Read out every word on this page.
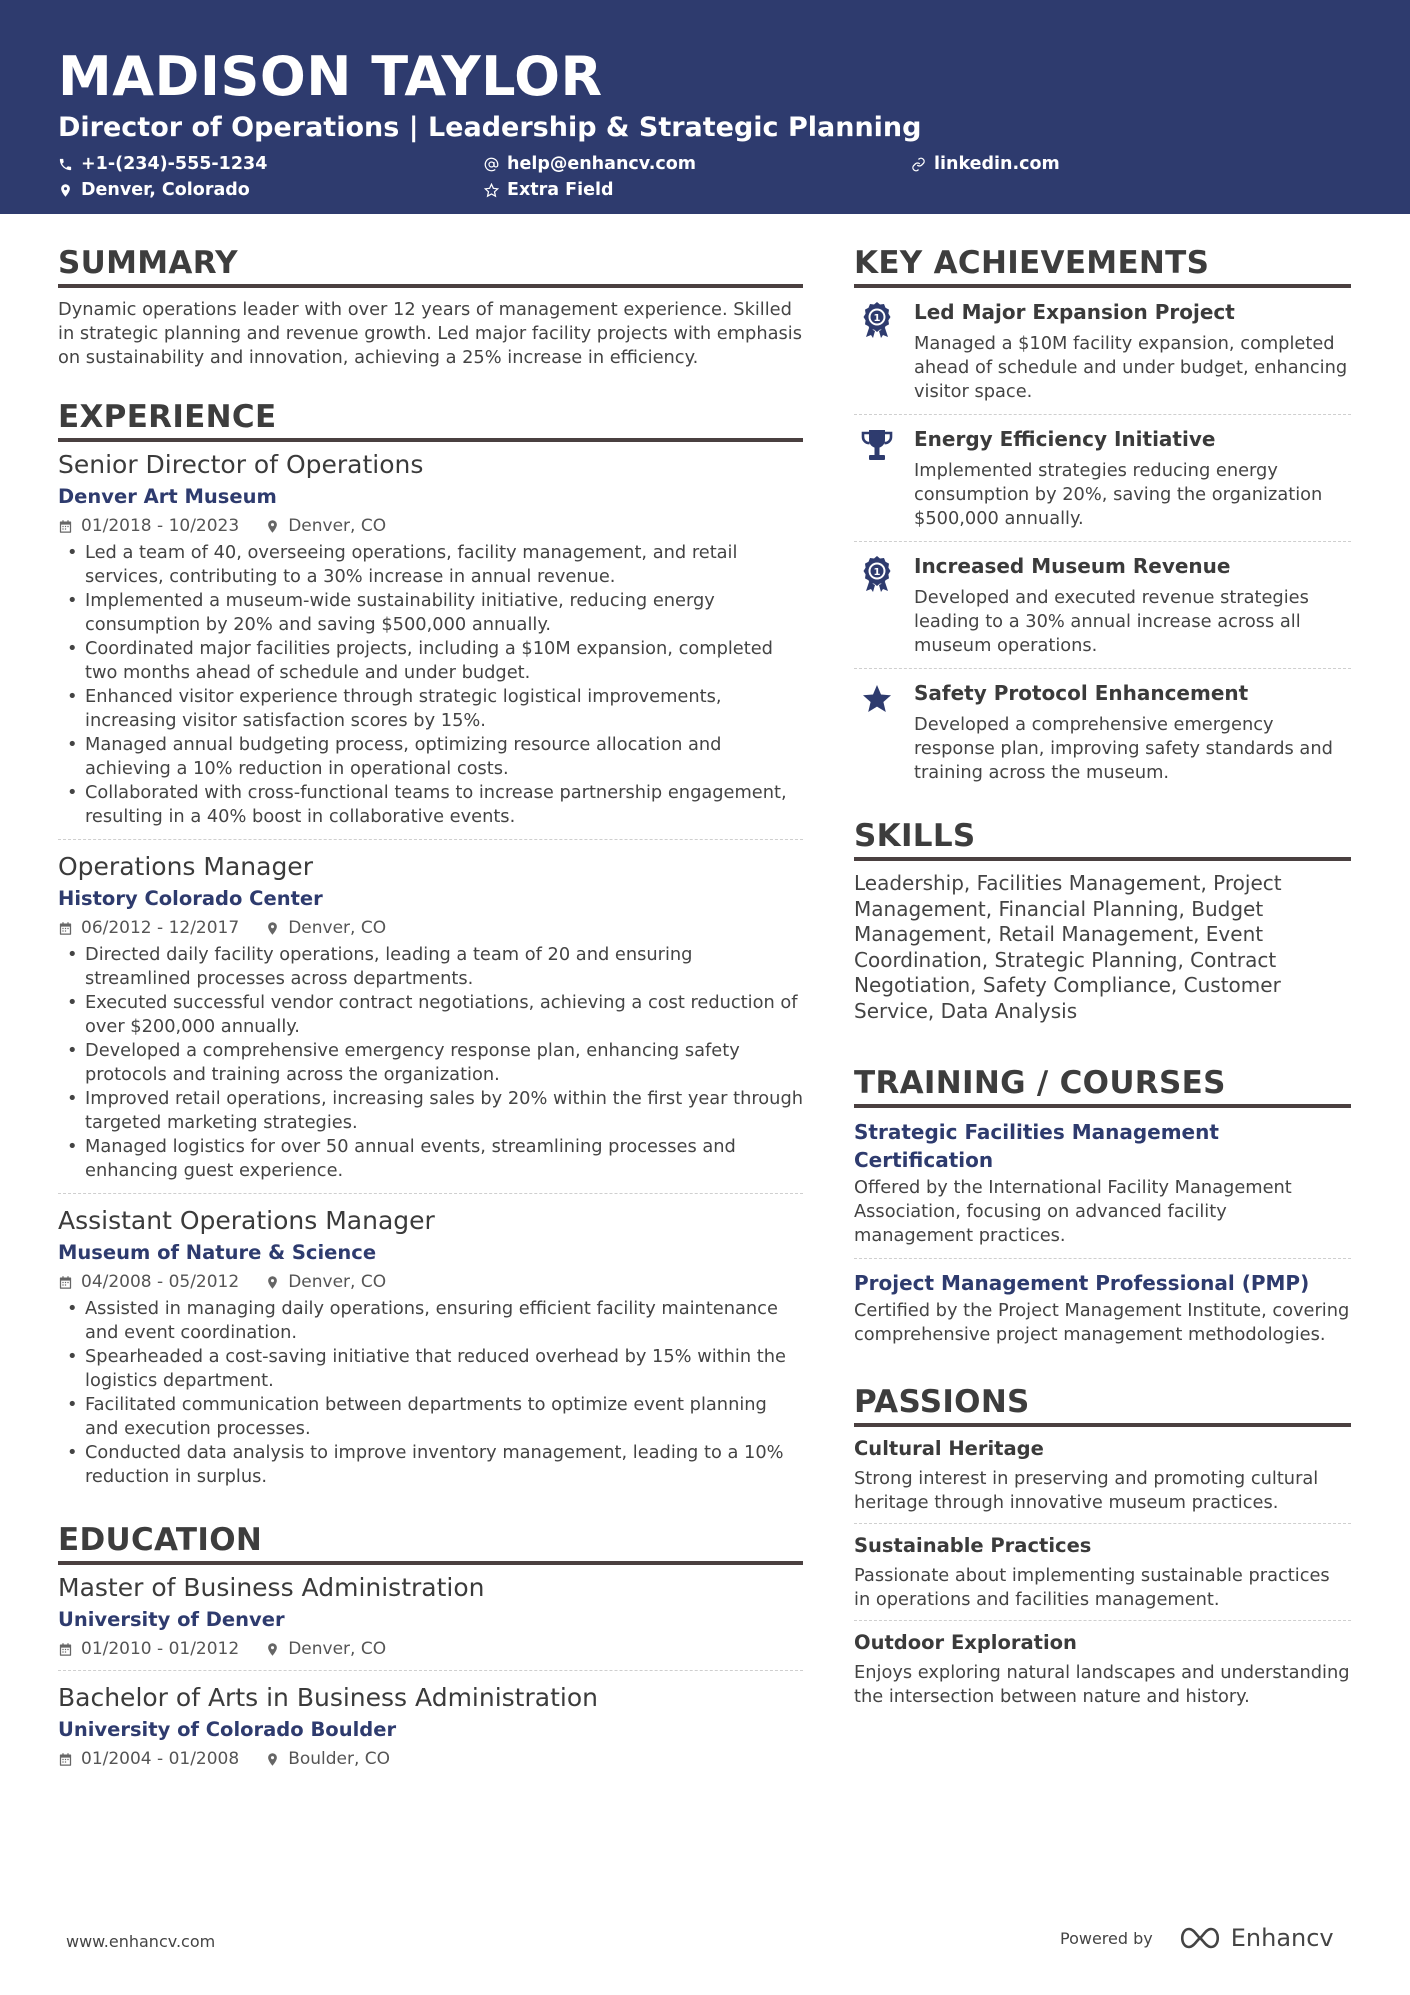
MADISON TAYLOR
Director of Operations | Leadership & Strategic Planning
+1-(234)-555-1234	help@enhancv.com	linkedin.com
Denver, Colorado	Extra Field
SUMMARY
Dynamic operations leader with over 12 years of management experience. Skilled in strategic planning and revenue growth. Led major facility projects with emphasis on sustainability and innovation, achieving a 25% increase in efficiency.
EXPERIENCE
Senior Director of Operations
Denver Art Museum
01/2018 - 10/2023	Denver, CO
• Led a team of 40, overseeing operations, facility management, and retail services, contributing to a 30% increase in annual revenue.
• Implemented a museum-wide sustainability initiative, reducing energy consumption by 20% and saving $500,000 annually.
• Coordinated major facilities projects, including a $10M expansion, completed two months ahead of schedule and under budget.
• Enhanced visitor experience through strategic logistical improvements, increasing visitor satisfaction scores by 15%.
• Managed annual budgeting process, optimizing resource allocation and achieving a 10% reduction in operational costs.
• Collaborated with cross-functional teams to increase partnership engagement, resulting in a 40% boost in collaborative events.
Operations Manager
History Colorado Center
06/2012 - 12/2017	Denver, CO
• Directed daily facility operations, leading a team of 20 and ensuring streamlined processes across departments.
• Executed successful vendor contract negotiations, achieving a cost reduction of over $200,000 annually.
• Developed a comprehensive emergency response plan, enhancing safety protocols and training across the organization.
• Improved retail operations, increasing sales by 20% within the first year through targeted marketing strategies.
• Managed logistics for over 50 annual events, streamlining processes and enhancing guest experience.
Assistant Operations Manager
Museum of Nature & Science
04/2008 - 05/2012	Denver, CO
• Assisted in managing daily operations, ensuring efficient facility maintenance and event coordination.
• Spearheaded a cost-saving initiative that reduced overhead by 15% within the logistics department.
• Facilitated communication between departments to optimize event planning and execution processes.
• Conducted data analysis to improve inventory management, leading to a 10% reduction in surplus.
EDUCATION
Master of Business Administration
University of Denver
01/2010 - 01/2012	Denver, CO
Bachelor of Arts in Business Administration
University of Colorado Boulder
01/2004 - 01/2008	Boulder, CO
KEY ACHIEVEMENTS
1 Led Major Expansion Project
Managed a $10M facility expansion, completed ahead of schedule and under budget, enhancing visitor space.
Energy Efficiency Initiative
Implemented strategies reducing energy consumption by 20%, saving the organization $500,000 annually.
1 Increased Museum Revenue
Developed and executed revenue strategies leading to a 30% annual increase across all museum operations.
Safety Protocol Enhancement
Developed a comprehensive emergency response plan, improving safety standards and training across the museum.
SKILLS
Leadership, Facilities Management, Project Management, Financial Planning, Budget Management, Retail Management, Event Coordination, Strategic Planning, Contract Negotiation, Safety Compliance, Customer Service, Data Analysis
TRAINING / COURSES
Strategic Facilities Management Certification
Offered by the International Facility Management Association, focusing on advanced facility management practices.
Project Management Professional (PMP)
Certified by the Project Management Institute, covering comprehensive project management methodologies.
PASSIONS
Cultural Heritage
Strong interest in preserving and promoting cultural heritage through innovative museum practices.
Sustainable Practices
Passionate about implementing sustainable practices in operations and facilities management.
Outdoor Exploration
Enjoys exploring natural landscapes and understanding the intersection between nature and history.
www.enhancv.com	Powered by	Enhancv
